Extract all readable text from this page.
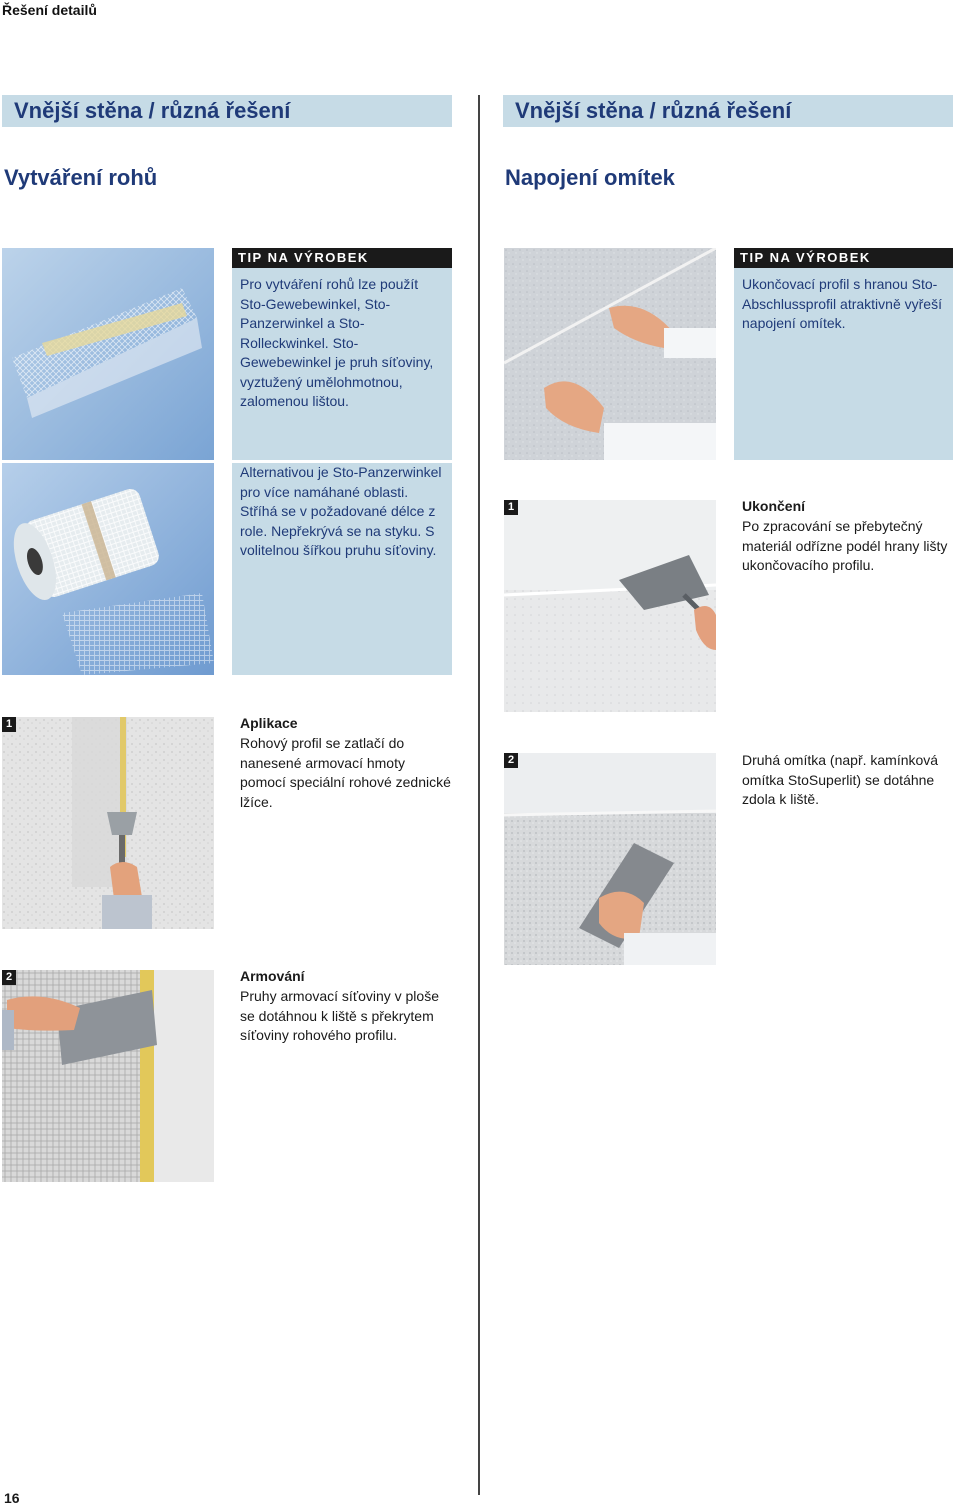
Řešení detailů
Vnější stěna / různá řešení
Vytváření rohů
TIP NA VÝROBEK
Pro vytváření rohů lze použít Sto-Gewebewinkel, Sto-Panzerwinkel a Sto-Rolleckwinkel. Sto-Gewebewinkel je pruh síťoviny, vyztužený umělohmotnou, zalomenou lištou.
Alternativou je Sto-Panzerwinkel pro více namáhané oblasti. Stříhá se v požadované délce z role. Nepřekrývá se na styku. S volitelnou šířkou pruhu síťoviny.
1	Aplikace
Rohový profil se zatlačí do nanesené armovací hmoty pomocí speciální rohové zednické lžíce.
2	Armování
Pruhy armovací síťoviny v ploše se dotáhnou k liště s překrytem síťoviny rohového profilu.
Vnější stěna / různá řešení
Napojení omítek
TIP NA VÝROBEK
Ukončovací profil s hranou Sto-Abschlussprofil atraktivně vyřeší napojení omítek.
1	Ukončení
Po zpracování se přebytečný materiál odřízne podél hrany lišty ukončovacího profilu.
2	Druhá omítka (např. kamínková omítka StoSuperlit) se dotáhne zdola k liště.
16
